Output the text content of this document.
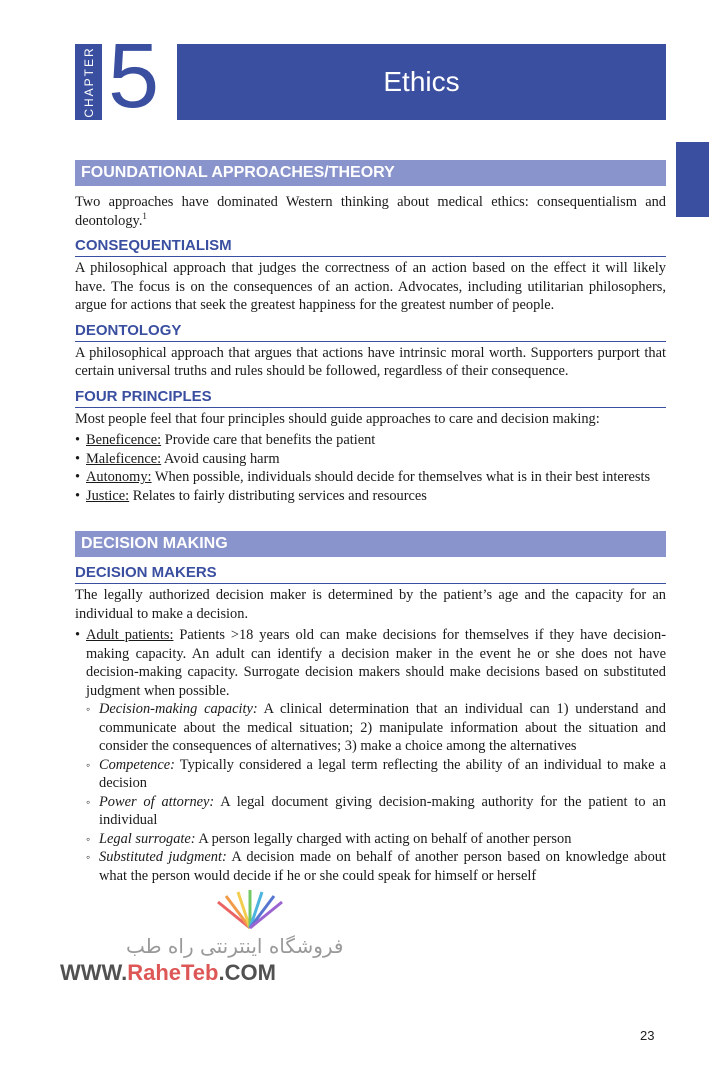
CHAPTER 5	Ethics
FOUNDATIONAL APPROACHES/THEORY

Two approaches have dominated Western thinking about medical ethics: consequentialism and deontology.$^1$

CONSEQUENTIALISM

A philosophical approach that judges the correctness of an action based on the effect it will likely have. The focus is on the consequences of an action. Advocates, including utilitarian philosophers, argue for actions that seek the greatest happiness for the greatest number of people.

DEONTOLOGY

A philosophical approach that argues that actions have intrinsic moral worth. Supporters purport that certain universal truths and rules should be followed, regardless of their consequence.

FOUR PRINCIPLES

Most people feel that four principles should guide approaches to care and decision making:

• Beneficence: Provide care that benefits the patient
• Maleficence: Avoid causing harm
• Autonomy: When possible, individuals should decide for themselves what is in their best interests
• Justice: Relates to fairly distributing services and resources
DECISION MAKING
DECISION MAKERS

The legally authorized decision maker is determined by the patient’s age and the capacity for an individual to make a decision.

• Adult patients: Patients >18 years old can make decisions for themselves if they have decision-making capacity. An adult can identify a decision maker in the event he or she does not have decision-making capacity. Surrogate decision makers should make decisions based on substituted judgment when possible.
◦ Decision-making capacity: A clinical determination that an individual can 1) understand and communicate about the medical situation; 2) manipulate information about the situation and consider the consequences of alternatives; 3) make a choice among the alternatives
◦ Competence: Typically considered a legal term reflecting the ability of an individual to make a decision
◦ Power of attorney: A legal document giving decision-making authority for the patient to an individual
◦ Legal surrogate: A person legally charged with acting on behalf of another person
◦ Substituted judgment: A decision made on behalf of another person based on knowledge about what the person would decide if he or she could speak for himself or herself
فروشگاه اینترنتی راه طب
WWW.RaheTeb.COM
23
